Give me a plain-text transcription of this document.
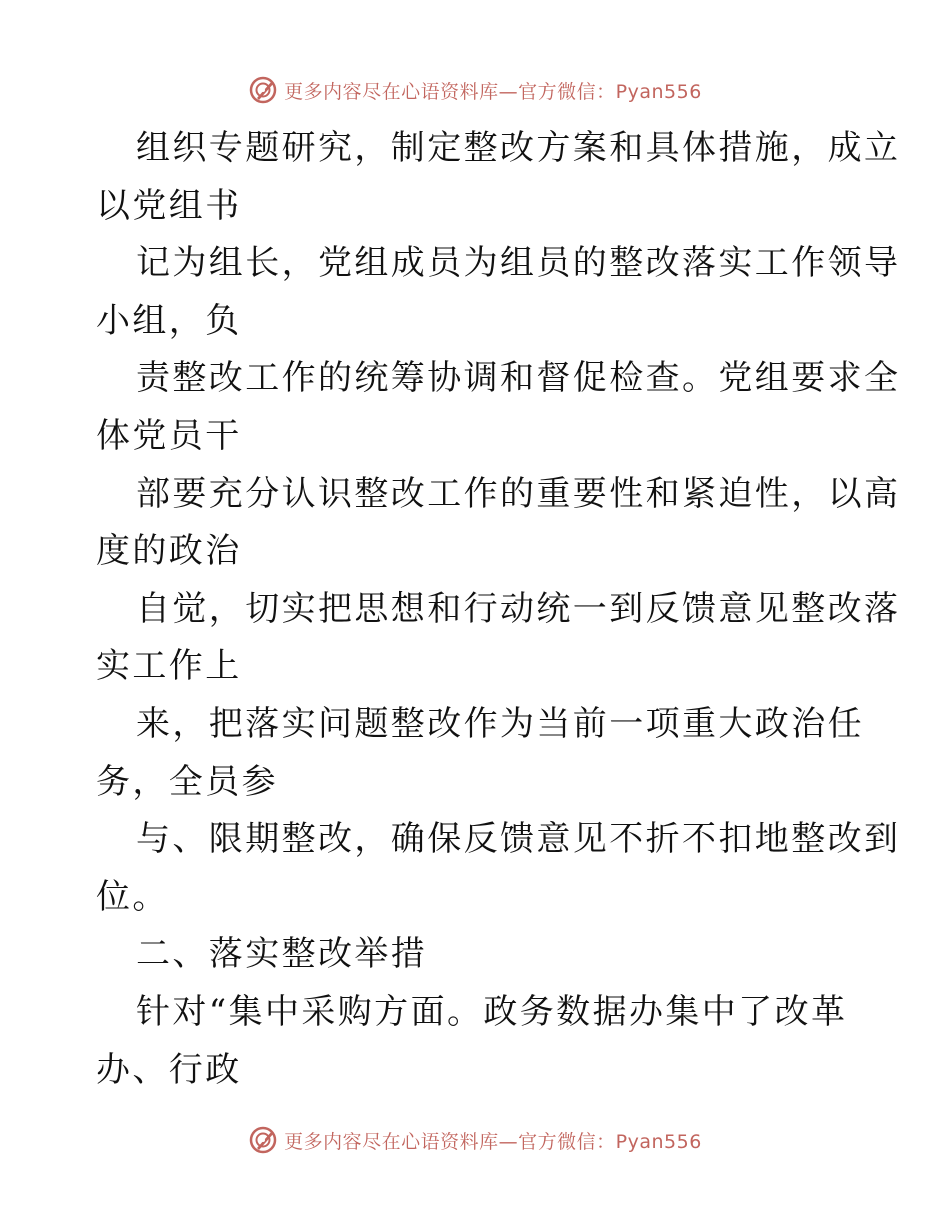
更多内容尽在心语资料库—官方微信：Pyan556
组织专题研究，制定整改方案和具体措施，成立
以党组书
记为组长，党组成员为组员的整改落实工作领导
小组，负
责整改工作的统筹协调和督促检查。党组要求全
体党员干
部要充分认识整改工作的重要性和紧迫性，以高
度的政治
自觉，切实把思想和行动统一到反馈意见整改落
实工作上
来，把落实问题整改作为当前一项重大政治任
务，全员参
与、限期整改，确保反馈意见不折不扣地整改到
位。
二、落实整改举措
针对“集中采购方面。政务数据办集中了改革
办、行政
更多内容尽在心语资料库—官方微信：Pyan556
